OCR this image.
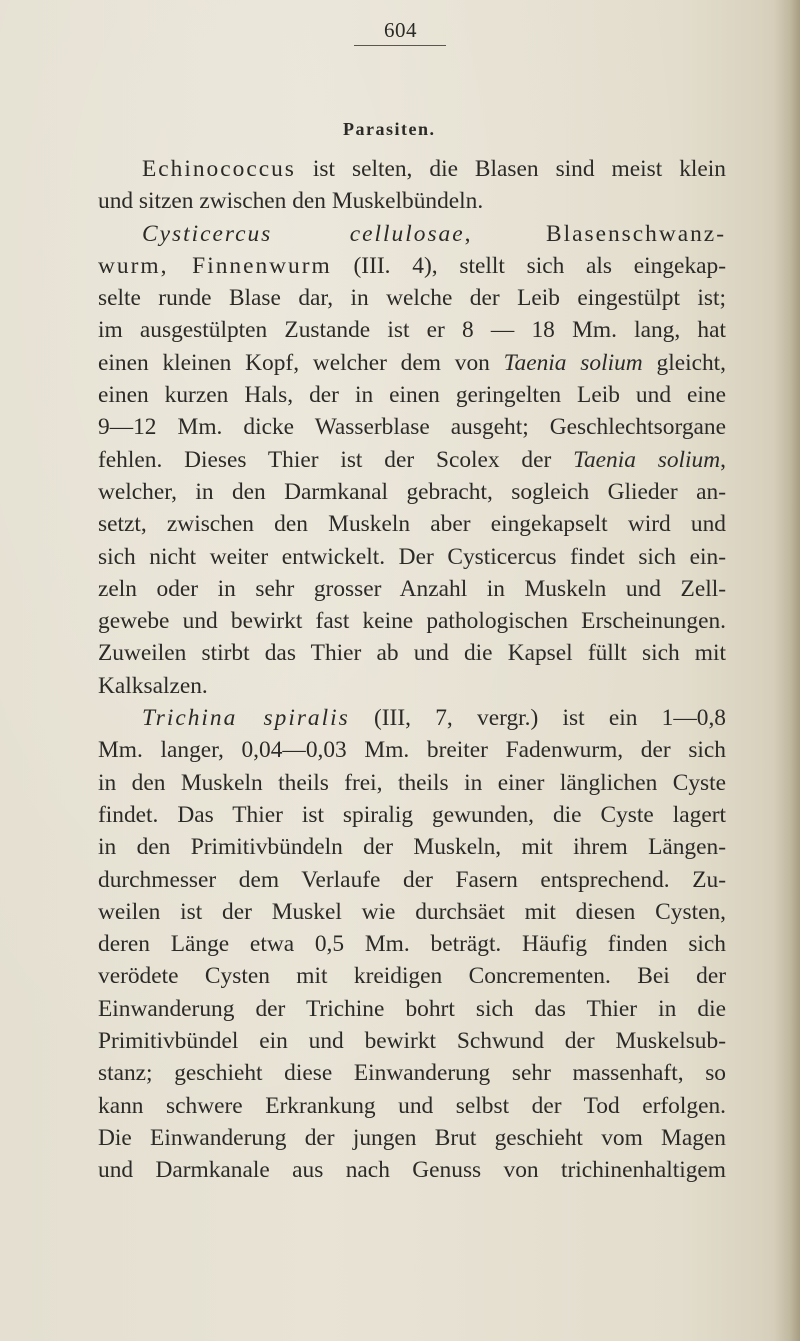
604
Parasiten.
Echinococcus ist selten, die Blasen sind meist klein
und sitzen zwischen den Muskelbündeln.
Cysticercus cellulosae, Blasenschwanz-
wurm, Finnenwurm (III. 4), stellt sich als eingekap-
selte runde Blase dar, in welche der Leib eingestülpt ist;
im ausgestülpten Zustande ist er 8 — 18 Mm. lang, hat
einen kleinen Kopf, welcher dem von Taenia solium gleicht,
einen kurzen Hals, der in einen geringelten Leib und eine
9—12 Mm. dicke Wasserblase ausgeht; Geschlechtsorgane
fehlen. Dieses Thier ist der Scolex der Taenia solium,
welcher, in den Darmkanal gebracht, sogleich Glieder an-
setzt, zwischen den Muskeln aber eingekapselt wird und
sich nicht weiter entwickelt. Der Cysticercus findet sich ein-
zeln oder in sehr grosser Anzahl in Muskeln und Zell-
gewebe und bewirkt fast keine pathologischen Erscheinungen.
Zuweilen stirbt das Thier ab und die Kapsel füllt sich mit
Kalksalzen.
Trichina spiralis (III, 7, vergr.) ist ein 1—0,8
Mm. langer, 0,04—0,03 Mm. breiter Fadenwurm, der sich
in den Muskeln theils frei, theils in einer länglichen Cyste
findet. Das Thier ist spiralig gewunden, die Cyste lagert
in den Primitivbündeln der Muskeln, mit ihrem Längen-
durchmesser dem Verlaufe der Fasern entsprechend. Zu-
weilen ist der Muskel wie durchsäet mit diesen Cysten,
deren Länge etwa 0,5 Mm. beträgt. Häufig finden sich
verödete Cysten mit kreidigen Concrementen. Bei der
Einwanderung der Trichine bohrt sich das Thier in die
Primitivbündel ein und bewirkt Schwund der Muskelsub-
stanz; geschieht diese Einwanderung sehr massenhaft, so
kann schwere Erkrankung und selbst der Tod erfolgen.
Die Einwanderung der jungen Brut geschieht vom Magen
und Darmkanale aus nach Genuss von trichinenhaltigem
